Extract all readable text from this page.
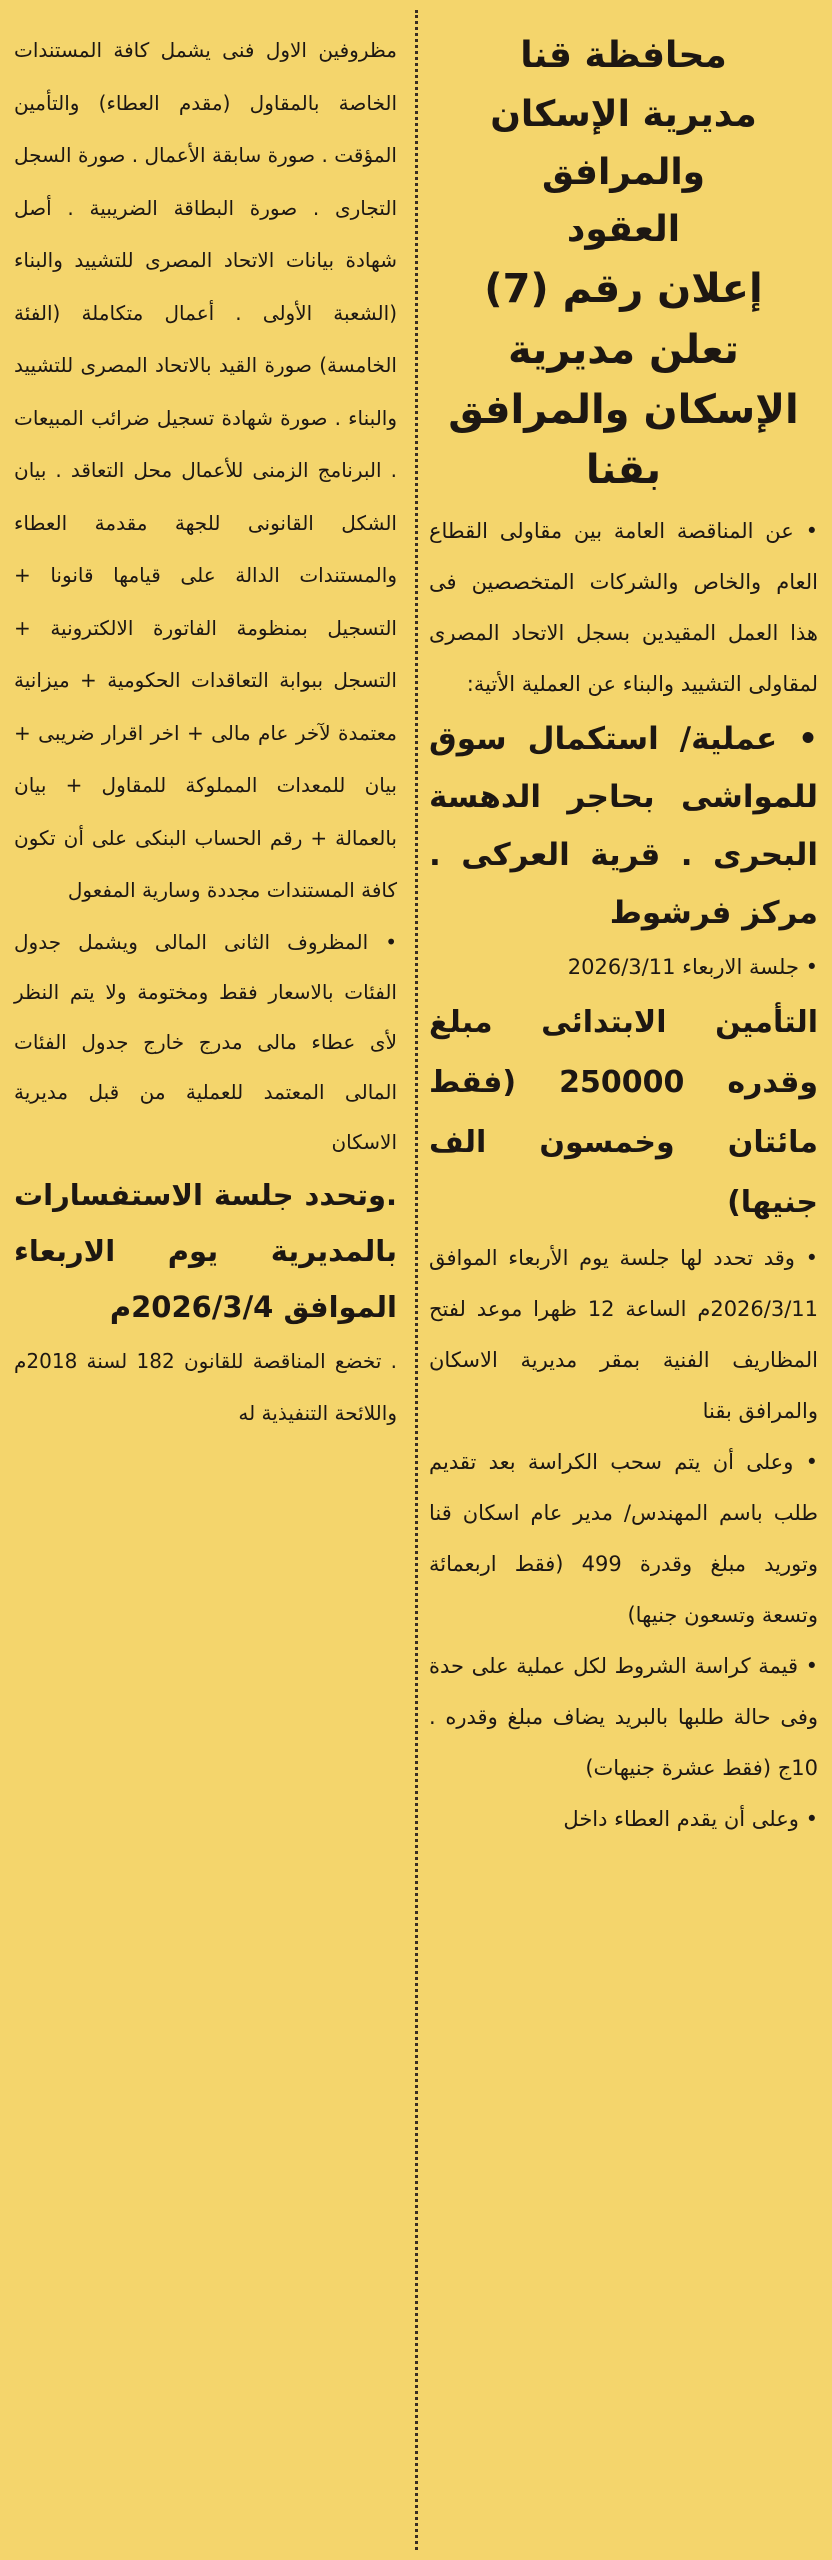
محافظة قنا

مديرية الإسكان والمرافق

العقود

إعلان رقم (7)

تعلن مديرية الإسكان والمرافق بقنا

• عن المناقصة العامة بين مقاولى القطاع العام والخاص والشركات المتخصصين فى هذا العمل المقيدين بسجل الاتحاد المصرى لمقاولى التشييد والبناء عن العملية الأتية:

• عملية/ استكمال سوق للمواشى بحاجر الدهسة البحرى . قرية العركى . مركز فرشوط

• جلسة الاربعاء 2026/3/11

التأمين الابتدائى مبلغ وقدره 250000 (فقط مائتان وخمسون الف جنيها)

• وقد تحدد لها جلسة يوم الأربعاء الموافق 2026/3/11م الساعة 12 ظهرا موعد لفتح المظاريف الفنية بمقر مديرية الاسكان والمرافق بقنا

• وعلى أن يتم سحب الكراسة بعد تقديم طلب باسم المهندس/ مدير عام اسكان قنا وتوريد مبلغ وقدرة 499 (فقط اربعمائة وتسعة وتسعون جنيها)

• قيمة كراسة الشروط لكل عملية على حدة وفى حالة طلبها بالبريد يضاف مبلغ وقدره . 10ج (فقط عشرة جنيهات)

• وعلى أن يقدم العطاء داخل

مظروفين الاول فنى يشمل كافة المستندات الخاصة بالمقاول (مقدم العطاء) والتأمين المؤقت . صورة سابقة الأعمال . صورة السجل التجارى . صورة البطاقة الضريبية . أصل شهادة بيانات الاتحاد المصرى للتشييد والبناء (الشعبة الأولى . أعمال متكاملة (الفئة الخامسة) صورة القيد بالاتحاد المصرى للتشييد والبناء . صورة شهادة تسجيل ضرائب المبيعات . البرنامج الزمنى للأعمال محل التعاقد . بيان الشكل القانونى للجهة مقدمة العطاء والمستندات الدالة على قيامها قانونا + التسجيل بمنظومة الفاتورة الالكترونية + التسجل ببوابة التعاقدات الحكومية + ميزانية معتمدة لآخر عام مالى + اخر اقرار ضريبى + بيان للمعدات المملوكة للمقاول + بيان بالعمالة + رقم الحساب البنكى على أن تكون كافة المستندات مجددة وسارية المفعول

• المظروف الثانى المالى ويشمل جدول الفئات بالاسعار فقط ومختومة ولا يتم النظر لأى عطاء مالى مدرج خارج جدول الفئات المالى المعتمد للعملية من قبل مديرية الاسكان

.وتحدد جلسة الاستفسارات بالمديرية يوم الاربعاء الموافق 2026/3/4م

. تخضع المناقصة للقانون 182 لسنة 2018م واللائحة التنفيذية له
